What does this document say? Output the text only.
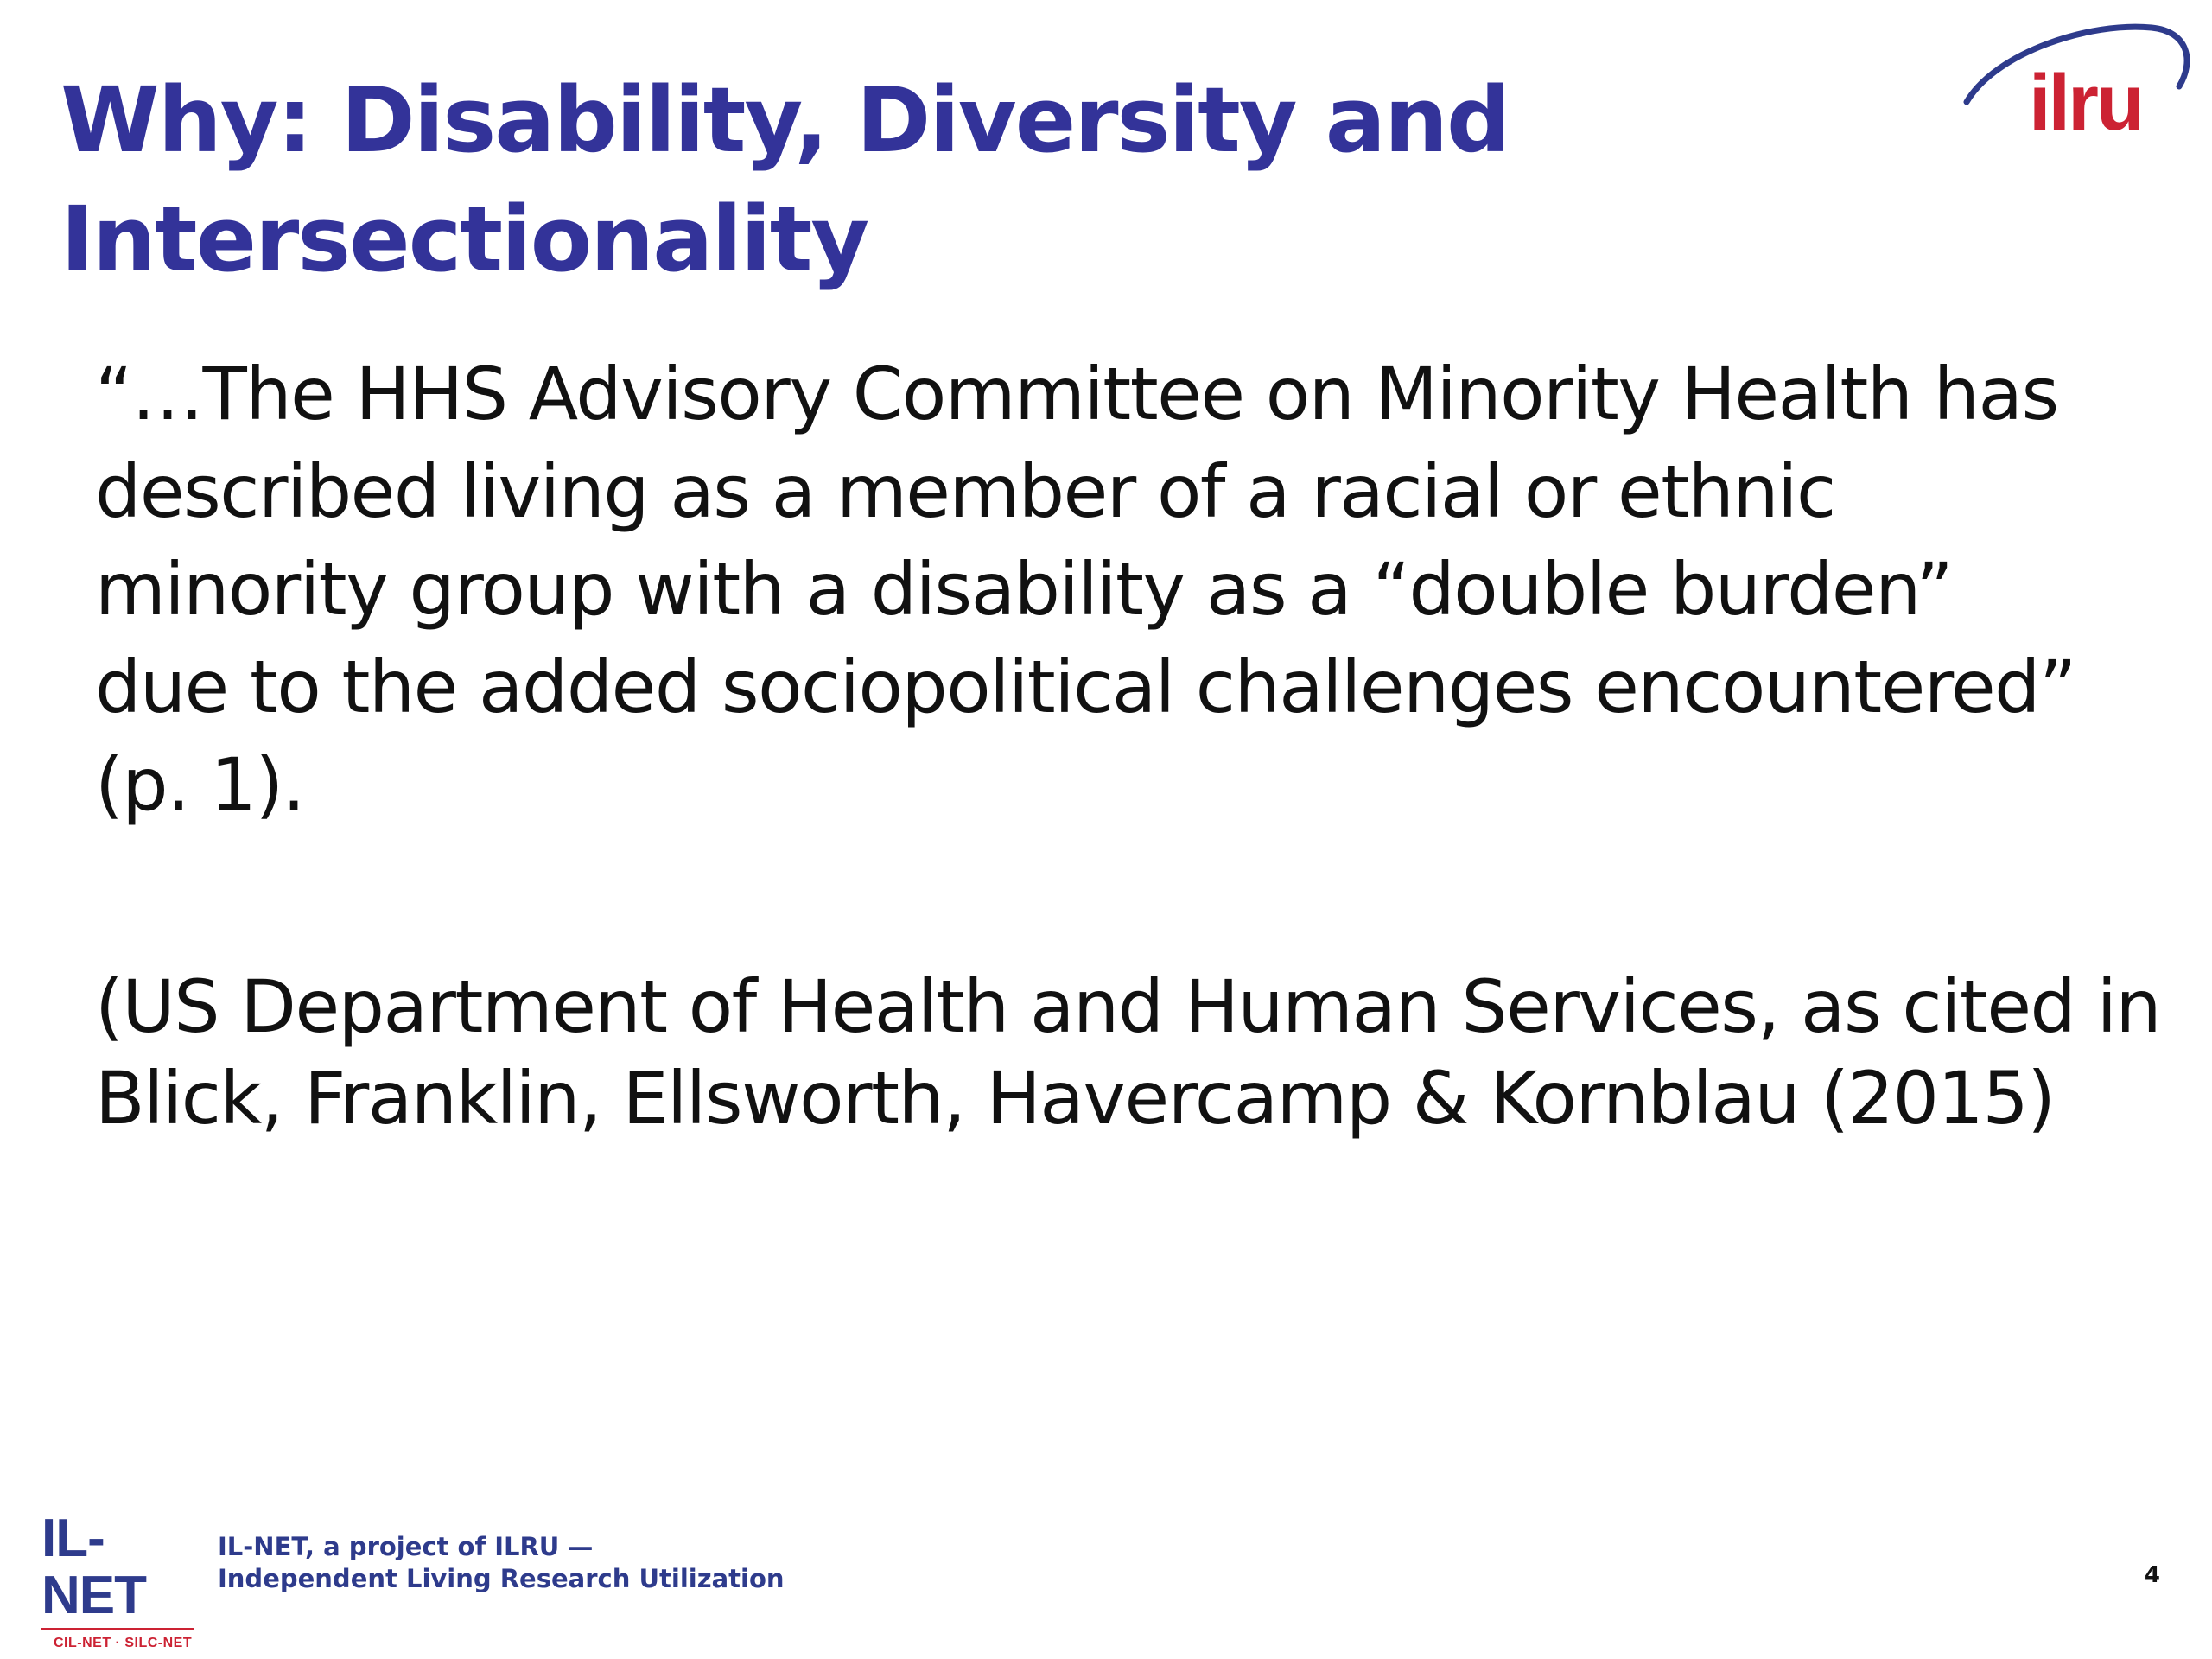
Why: Disability, Diversity and
Intersectionality
ilru
“…The HHS Advisory Committee on Minority Health has
described living as a member of a racial or ethnic
minority group with a disability as a “double burden”
due to the added sociopolitical challenges encountered”
(p. 1).
(US Department of Health and Human Services, as cited in
Blick, Franklin, Ellsworth, Havercamp & Kornblau (2015)
IL-NET
CIL-NET · SILC-NET
IL-NET, a project of ILRU —
Independent Living Research Utilization	4
